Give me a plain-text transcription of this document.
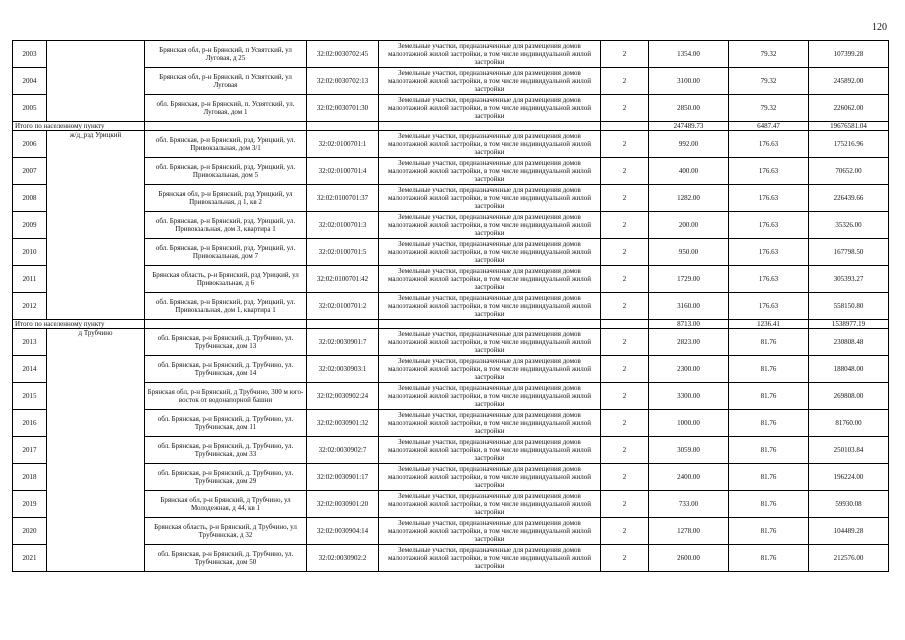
120
2003		Брянская обл, р-н Брянский, п Усвятский, ул Луговая, д 25	32:02:0030702:45	Земельные участки, предназначенные для размещения домов малоэтажной жилой застройки, в том числе индивидуальной жилой застройки	2	1354.00	79.32	107399.28
2004		Брянская обл, р-н Брянский, п Усвятский, ул Луговая	32:02:0030702:13	Земельные участки, предназначенные для размещения домов малоэтажной жилой застройки, в том числе индивидуальной жилой застройки	2	3100.00	79.32	245892.00
2005		обл. Брянская, р-н Брянский, п. Усвятский, ул. Луговая, дом 1	32:02:0030701:30	Земельные участки, предназначенные для размещения домов малоэтажной жилой застройки, в том числе индивидуальной жилой застройки	2	2850.00	79.32	226062.00
Итого по населенному пункту						247489.73	6487.47	19676581.04
2006	ж/д_рзд Урицкий	обл. Брянская, р-н Брянский, рзд. Урицкий, ул. Привокзальная, дом 3/1	32:02:0100701:1	Земельные участки, предназначенные для размещения домов малоэтажной жилой застройки, в том числе индивидуальной жилой застройки	2	992.00	176.63	175216.96
2007		обл. Брянская, р-н Брянский, рзд. Урицкий, ул. Привокзальная, дом 5	32:02:0100701:4	Земельные участки, предназначенные для размещения домов малоэтажной жилой застройки, в том числе индивидуальной жилой застройки	2	400.00	176.63	70652.00
2008		Брянская обл, р-н Брянский, рзд Урицкий, ул Привокзальная, д 1, кв 2	32:02:0100701:37	Земельные участки, предназначенные для размещения домов малоэтажной жилой застройки, в том числе индивидуальной жилой застройки	2	1282.00	176.63	226439.66
2009		обл. Брянская, р-н Брянский, рзд. Урицкий, ул. Привокзальная, дом 3, квартира 1	32:02:0100701:3	Земельные участки, предназначенные для размещения домов малоэтажной жилой застройки, в том числе индивидуальной жилой застройки	2	200.00	176.63	35326.00
2010		обл. Брянская, р-н Брянский, рзд. Урицкий, ул. Привокзальная, дом 7	32:02:0100701:5	Земельные участки, предназначенные для размещения домов малоэтажной жилой застройки, в том числе индивидуальной жилой застройки	2	950.00	176.63	167798.50
2011		Брянская область, р-н Брянский, рзд Урицкий, ул Привокзальная, д 6	32:02:0100701:42	Земельные участки, предназначенные для размещения домов малоэтажной жилой застройки, в том числе индивидуальной жилой застройки	2	1729.00	176.63	305393.27
2012		обл. Брянская, р-н Брянский, рзд. Урицкий, ул. Привокзальная, дом 1, квартира 1	32:02:0100701:2	Земельные участки, предназначенные для размещения домов малоэтажной жилой застройки, в том числе индивидуальной жилой застройки	2	3160.00	176.63	558150.80
Итого по населенному пункту						8713.00	1236.41	1538977.19
2013	д Трубчино	обл. Брянская, р-н Брянский, д. Трубчино, ул. Трубчинская, дом 13	32:02:0030901:7	Земельные участки, предназначенные для размещения домов малоэтажной жилой застройки, в том числе индивидуальной жилой застройки	2	2823.00	81.76	230808.48
2014		обл. Брянская, р-н Брянский, д. Трубчино, ул. Трубчинская, дом 14	32:02:0030903:1	Земельные участки, предназначенные для размещения домов малоэтажной жилой застройки, в том числе индивидуальной жилой застройки	2	2300.00	81.76	188048.00
2015		Брянская обл, р-н Брянский, д Трубчино, 300 м юго-восток от водонапорной башни	32:02:0030902:24	Земельные участки, предназначенные для размещения домов малоэтажной жилой застройки, в том числе индивидуальной жилой застройки	2	3300.00	81.76	269808.00
2016		обл. Брянская, р-н Брянский, д. Трубчино, ул. Трубчинская, дом 11	32:02:0030901:32	Земельные участки, предназначенные для размещения домов малоэтажной жилой застройки, в том числе индивидуальной жилой застройки	2	1000.00	81.76	81760.00
2017		обл. Брянская, р-н Брянский, д. Трубчино, ул. Трубчинская, дом 33	32:02:0030902:7	Земельные участки, предназначенные для размещения домов малоэтажной жилой застройки, в том числе индивидуальной жилой застройки	2	3059.00	81.76	250103.84
2018		обл. Брянская, р-н Брянский, д. Трубчино, ул. Трубчинская, дом 29	32:02:0030901:17	Земельные участки, предназначенные для размещения домов малоэтажной жилой застройки, в том числе индивидуальной жилой застройки	2	2400.00	81.76	196224.00
2019		Брянская обл, р-н Брянский, д Трубчино, ул Молодежная, д 44, кв 1	32:02:0030901:20	Земельные участки, предназначенные для размещения домов малоэтажной жилой застройки, в том числе индивидуальной жилой застройки	2	733.00	81.76	59930.08
2020		Брянская область, р-н Брянский, д Трубчино, ул Трубчинская, д 32	32:02:0030904:14	Земельные участки, предназначенные для размещения домов малоэтажной жилой застройки, в том числе индивидуальной жилой застройки	2	1278.00	81.76	104489.28
2021		обл. Брянская, р-н Брянский, д. Трубчино, ул. Трубчинская, дом 50	32:02:0030902:2	Земельные участки, предназначенные для размещения домов малоэтажной жилой застройки, в том числе индивидуальной жилой застройки	2	2600.00	81.76	212576.00
